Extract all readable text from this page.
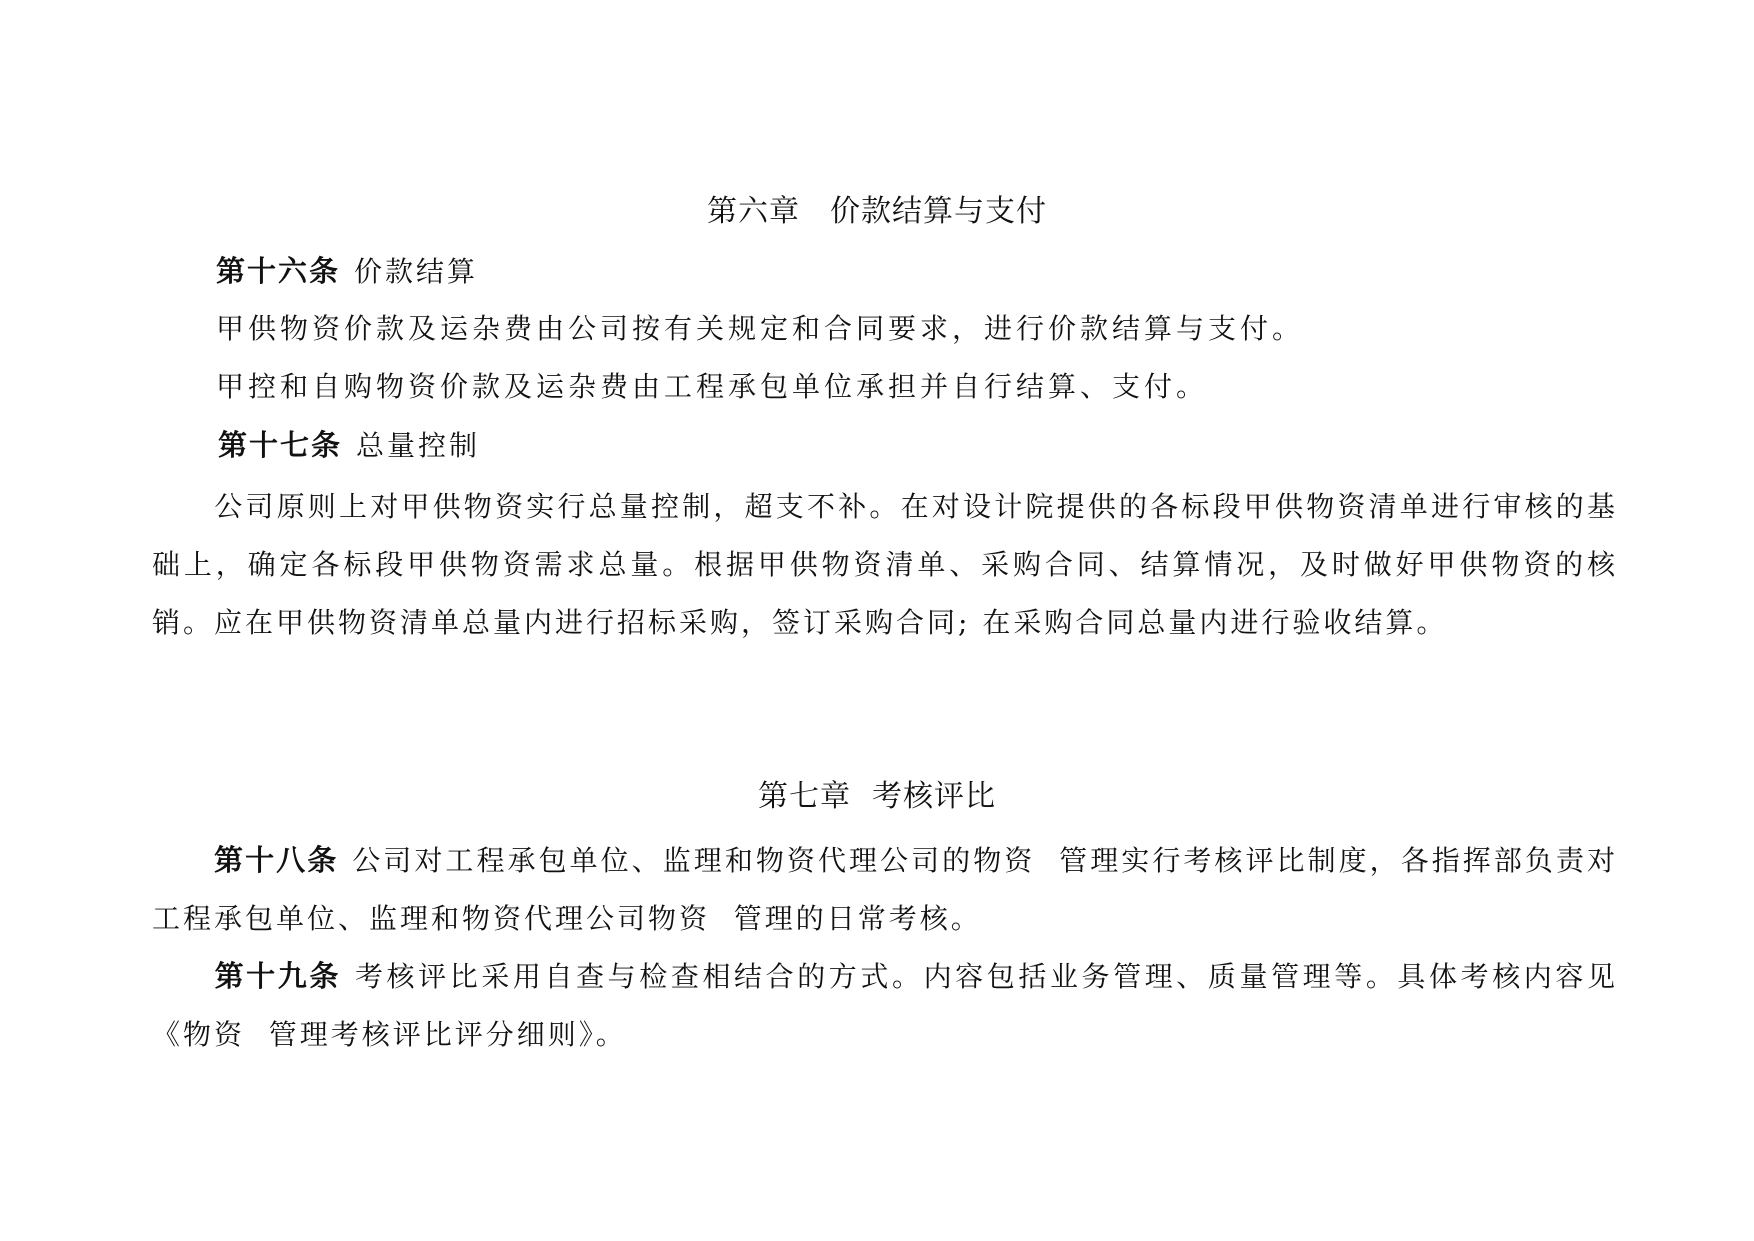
第六章 价款结算与支付
第十六条 价款结算
甲供物资价款及运杂费由公司按有关规定和合同要求，进行价款结算与支付。
甲控和自购物资价款及运杂费由工程承包单位承担并自行结算、支付。
第十七条 总量控制

公司原则上对甲供物资实行总量控制，超支不补。在对设计院提供的各标段甲供物资清单进行审核的基础上，确定各标段甲供物资需求总量。根据甲供物资清单、采购合同、结算情况，及时做好甲供物资的核销。应在甲供物资清单总量内进行招标采购，签订采购合同; 在采购合同总量内进行验收结算。

第七章  考核评比

第十八条 公司对工程承包单位、监理和物资代理公司的物资  管理实行考核评比制度，各指挥部负责对工程承包单位、监理和物资代理公司物资  管理的日常考核。

第十九条 考核评比采用自查与检查相结合的方式。内容包括业务管理、质量管理等。具体考核内容见《物资  管理考核评比评分细则》。
